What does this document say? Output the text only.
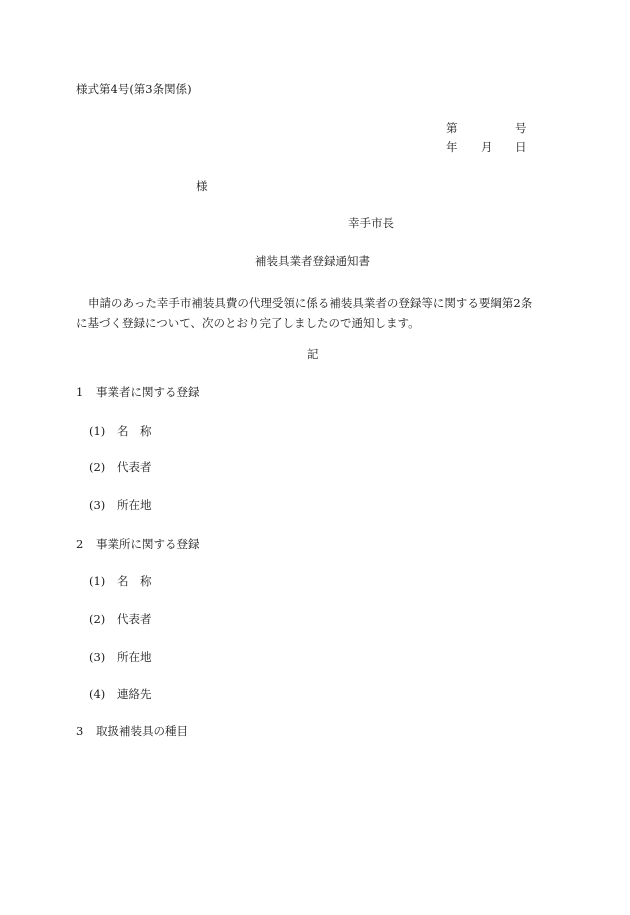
様式第4号(第3条関係)
第	号
年 月 日
様
幸手市長
補装具業者登録通知書
申請のあった幸手市補装具費の代理受領に係る補装具業者の登録等に関する要綱第2条
に基づく登録について、次のとおり完了しましたので通知します。
記
1 事業者に関する登録
(1) 名　称
(2) 代表者
(3) 所在地
2 事業所に関する登録
(1) 名　称
(2) 代表者
(3) 所在地
(4) 連絡先
3 取扱補装具の種目
